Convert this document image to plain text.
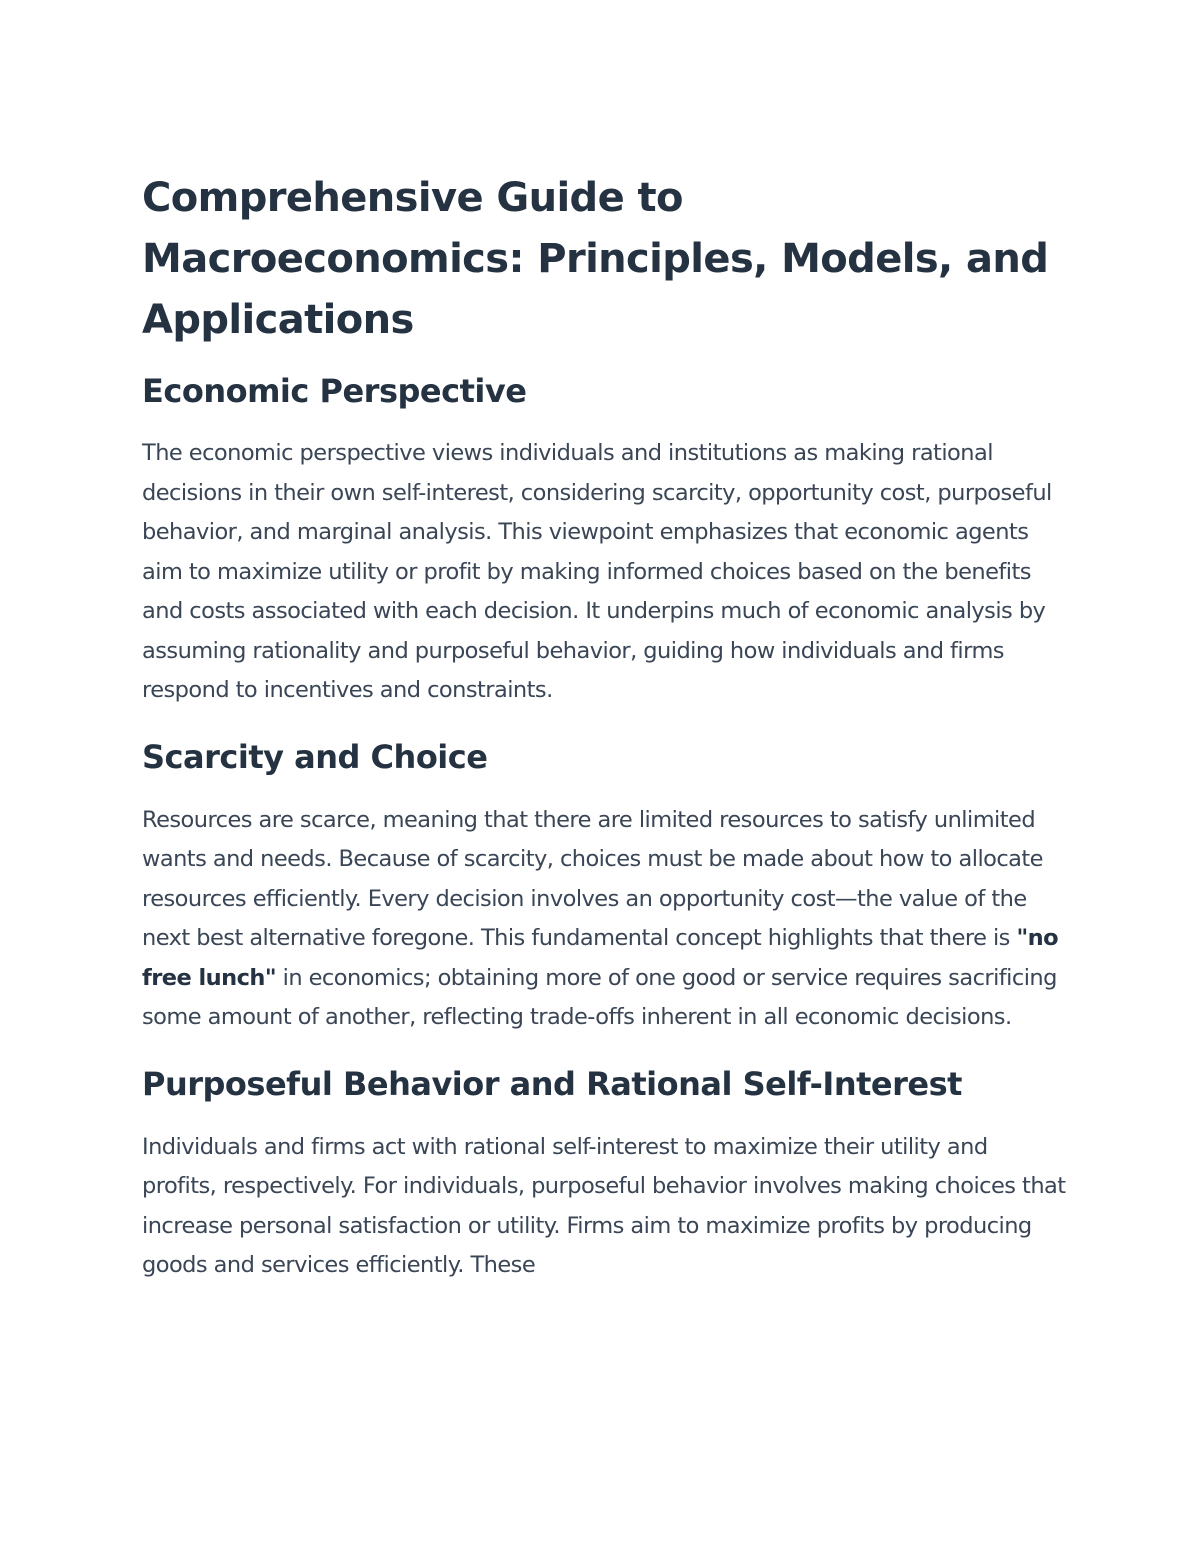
Comprehensive Guide to Macroeconomics: Principles, Models, and Applications
Economic Perspective

The economic perspective views individuals and institutions as making rational decisions in their own self-interest, considering scarcity, opportunity cost, purposeful behavior, and marginal analysis. This viewpoint emphasizes that economic agents aim to maximize utility or profit by making informed choices based on the benefits and costs associated with each decision. It underpins much of economic analysis by assuming rationality and purposeful behavior, guiding how individuals and firms respond to incentives and constraints.

Scarcity and Choice

Resources are scarce, meaning that there are limited resources to satisfy unlimited wants and needs. Because of scarcity, choices must be made about how to allocate resources efficiently. Every decision involves an opportunity cost—the value of the next best alternative foregone. This fundamental concept highlights that there is "no free lunch" in economics; obtaining more of one good or service requires sacrificing some amount of another, reflecting trade-offs inherent in all economic decisions.

Purposeful Behavior and Rational Self-Interest

Individuals and firms act with rational self-interest to maximize their utility and profits, respectively. For individuals, purposeful behavior involves making choices that increase personal satisfaction or utility. Firms aim to maximize profits by producing goods and services efficiently. These
